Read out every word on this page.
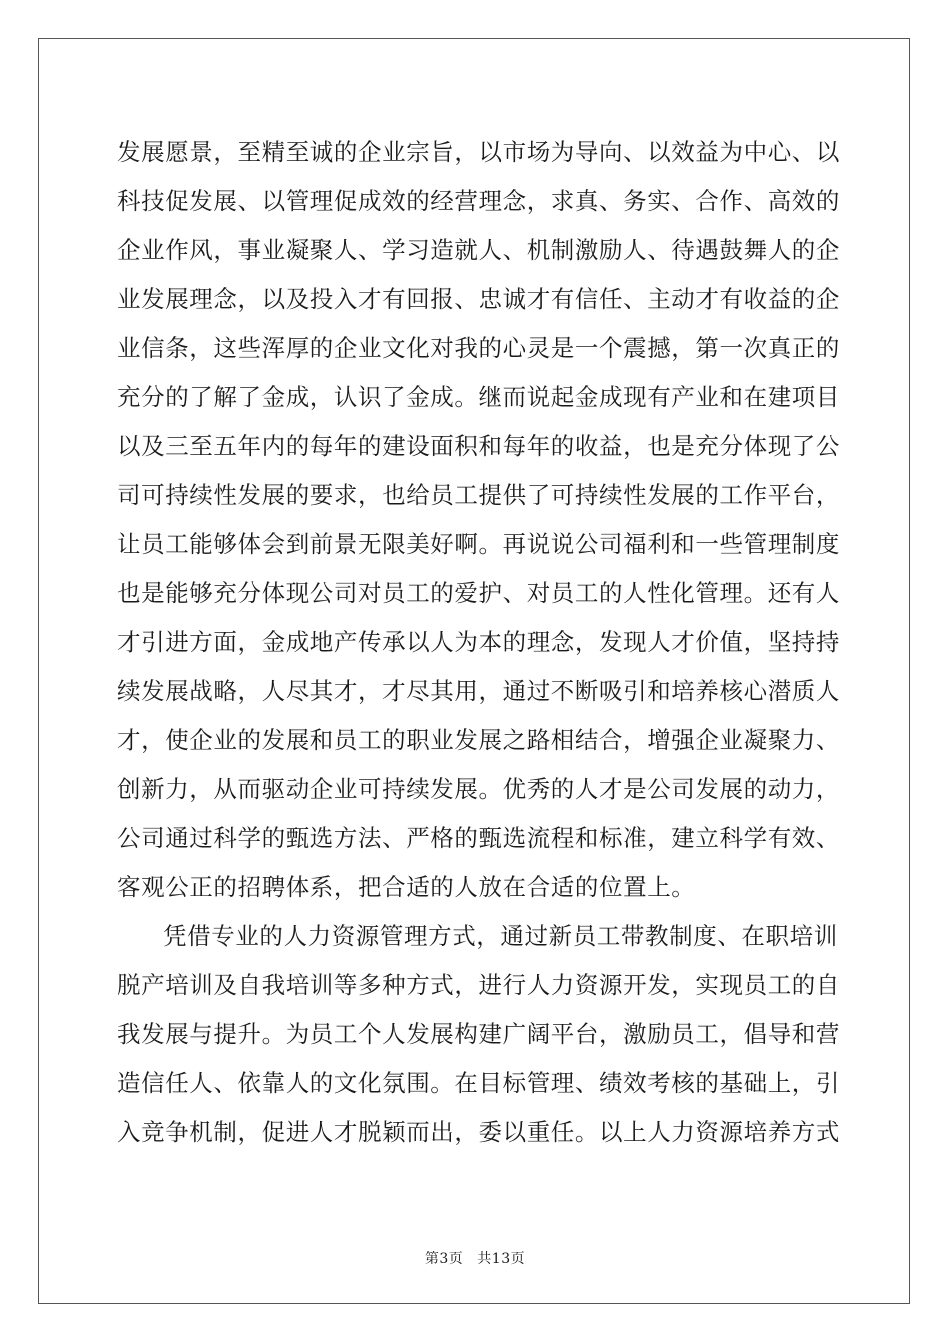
发展愿景，至精至诚的企业宗旨，以市场为导向、以效益为中心、以
科技促发展、以管理促成效的经营理念，求真、务实、合作、高效的
企业作风，事业凝聚人、学习造就人、机制激励人、待遇鼓舞人的企
业发展理念，以及投入才有回报、忠诚才有信任、主动才有收益的企
业信条，这些浑厚的企业文化对我的心灵是一个震撼，第一次真正的
充分的了解了金成，认识了金成。继而说起金成现有产业和在建项目
以及三至五年内的每年的建设面积和每年的收益，也是充分体现了公
司可持续性发展的要求，也给员工提供了可持续性发展的工作平台，
让员工能够体会到前景无限美好啊。再说说公司福利和一些管理制度
也是能够充分体现公司对员工的爱护、对员工的人性化管理。还有人
才引进方面，金成地产传承以人为本的理念，发现人才价值，坚持持
续发展战略，人尽其才，才尽其用，通过不断吸引和培养核心潜质人
才，使企业的发展和员工的职业发展之路相结合，增强企业凝聚力、
创新力，从而驱动企业可持续发展。优秀的人才是公司发展的动力，
公司通过科学的甄选方法、严格的甄选流程和标准，建立科学有效、
客观公正的招聘体系，把合适的人放在合适的位置上。
凭借专业的人力资源管理方式，通过新员工带教制度、在职培训
脱产培训及自我培训等多种方式，进行人力资源开发，实现员工的自
我发展与提升。为员工个人发展构建广阔平台，激励员工，倡导和营
造信任人、依靠人的文化氛围。在目标管理、绩效考核的基础上，引
入竞争机制，促进人才脱颖而出，委以重任。以上人力资源培养方式
第3页 共13页
